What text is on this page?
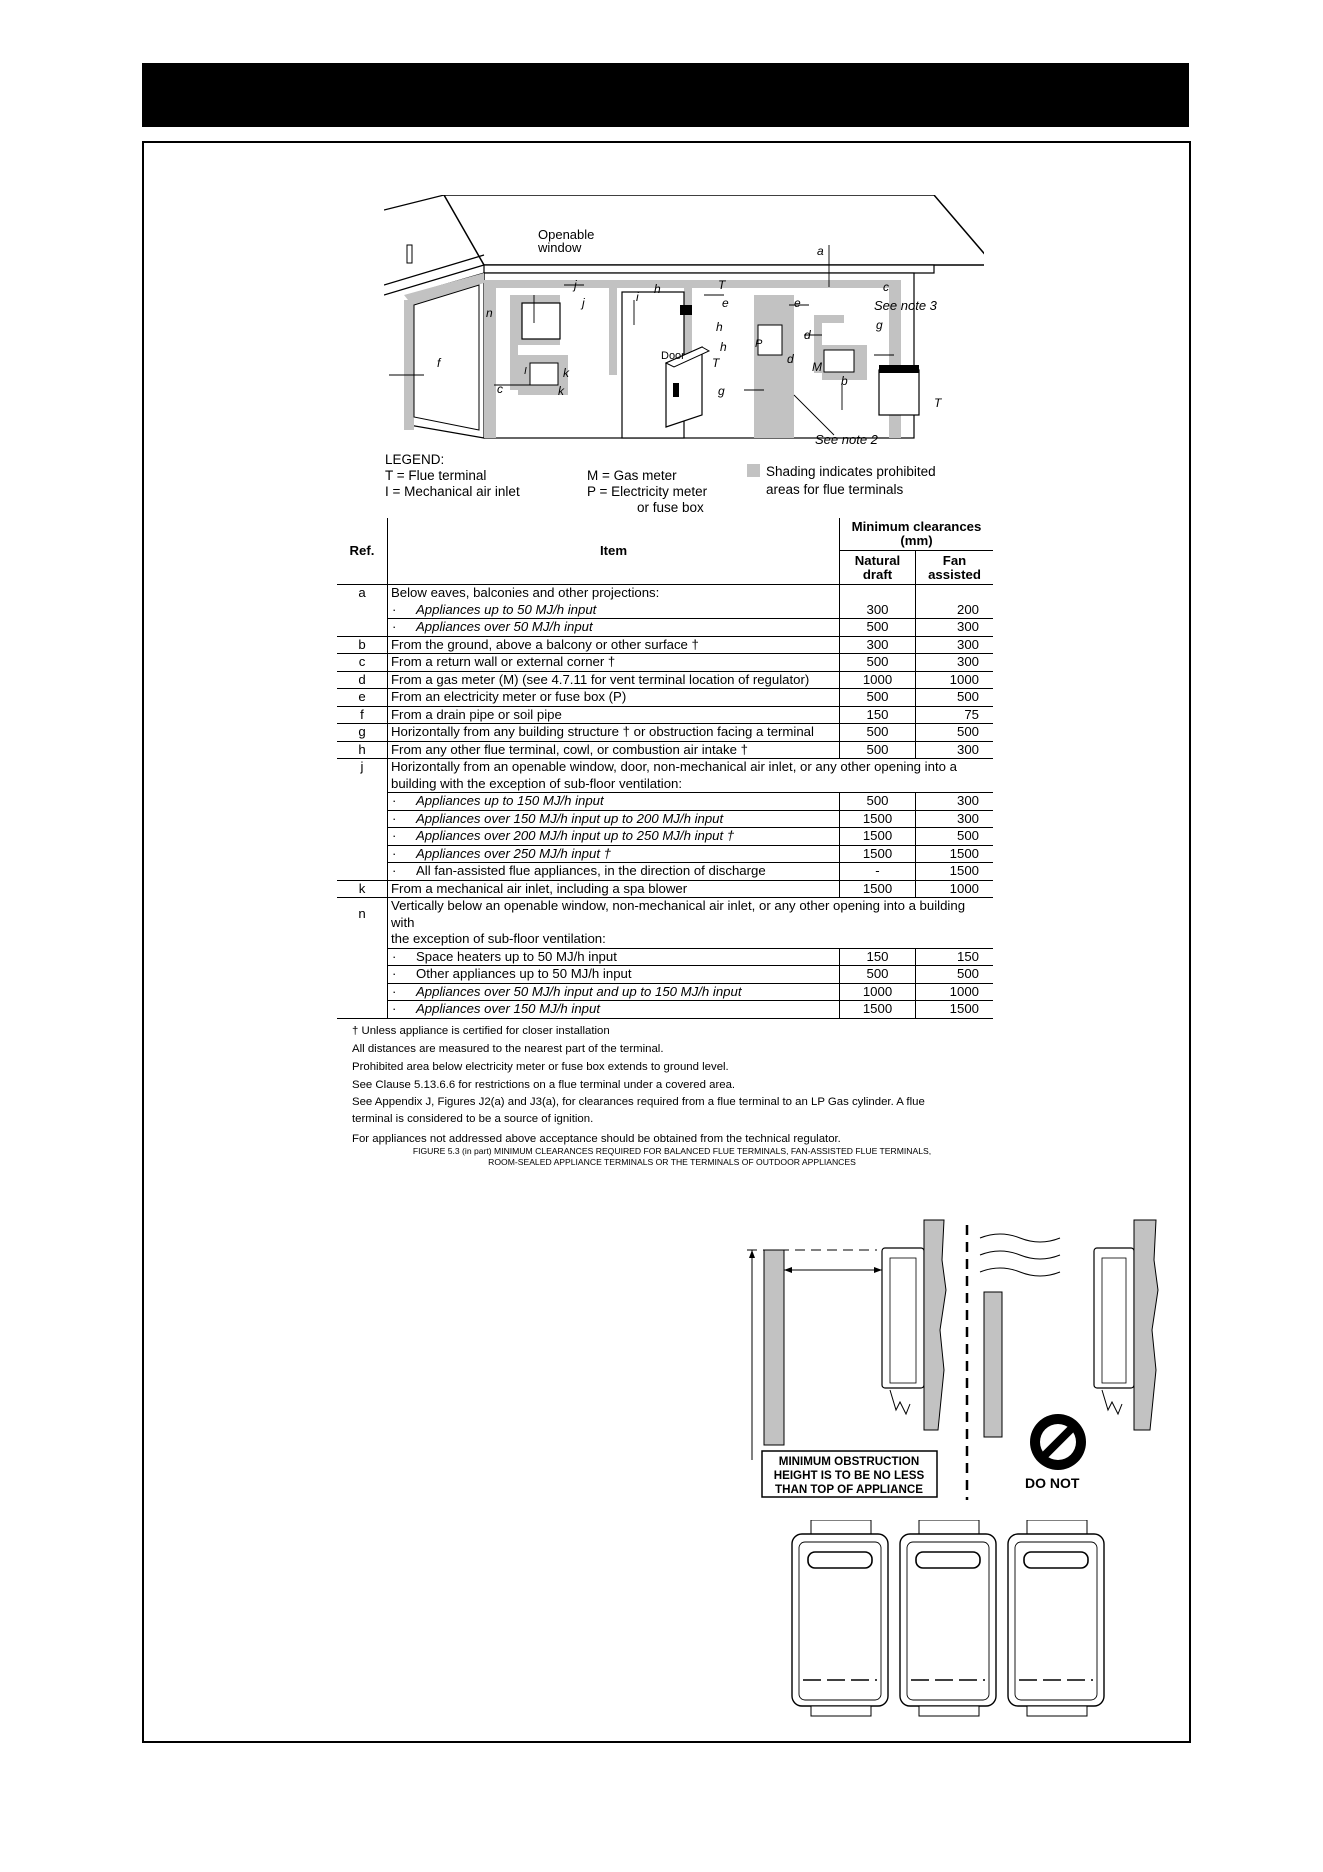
Openable
window
Door
See note 3
See note 2
a
c
j	h	T
e
n
j	i
h
e
g
h
T
P
d
d
M
b
T
k
f
c	k	g
I
LEGEND:
T = Flue terminal
I = Mechanical air inlet
M = Gas meter
P = Electricity meter
or fuse box
Shading indicates prohibited
areas for flue terminals
Ref.	Item	Minimum clearances
(mm)	
		Natural
draft	Fan
assisted
a	Below eaves, balconies and other projections:		
	· Appliances up to 50 MJ/h input	300	200
	· Appliances over 50 MJ/h input	500	300
b	From the ground, above a balcony or other surface †	300	300
c	From a return wall or external corner †	500	300
d	From a gas meter (M) (see 4.7.11 for vent terminal location of regulator)	1000	1000
e	From an electricity meter or fuse box (P)	500	500
f	From a drain pipe or soil pipe	150	75
g	Horizontally from any building structure † or obstruction facing a terminal	500	500
h	From any other flue terminal, cowl, or combustion air intake †	500	300
j	Horizontally from an openable window, door, non-mechanical air inlet, or any other opening into a		
	building with the exception of sub-floor ventilation:		
	· Appliances up to 150 MJ/h input	500	300
	· Appliances over 150 MJ/h input up to 200 MJ/h input	1500	300
	· Appliances over 200 MJ/h input up to 250 MJ/h input †	1500	500
	· Appliances over 250 MJ/h input †	1500	1500
	· All fan-assisted flue appliances, in the direction of discharge	-	1500
k	From a mechanical air inlet, including a spa blower	1500	1000
n	Vertically below an openable window, non-mechanical air inlet, or any other opening into a building with		
	the exception of sub-floor ventilation:		
	· Space heaters up to 50 MJ/h input	150	150
	· Other appliances up to 50 MJ/h input	500	500
	· Appliances over 50 MJ/h input and up to 150 MJ/h input	1000	1000
	· Appliances over 150 MJ/h input	1500	1500

† Unless appliance is certified for closer installation

All distances are measured to the nearest part of the terminal.

Prohibited area below electricity meter or fuse box extends to ground level.

See Clause 5.13.6.6 for restrictions on a flue terminal under a covered area.

See Appendix J, Figures J2(a) and J3(a), for clearances required from a flue terminal to an LP Gas cylinder. A flue

terminal is considered to be a source of ignition.

For appliances not addressed above acceptance should be obtained from the technical regulator.

FIGURE 5.3 (in part) MINIMUM CLEARANCES REQUIRED FOR BALANCED FLUE TERMINALS, FAN-ASSISTED FLUE TERMINALS,
ROOM-SEALED APPLIANCE TERMINALS OR THE TERMINALS OF OUTDOOR APPLIANCES
MINIMUM OBSTRUCTION
HEIGHT IS TO BE NO LESS
THAN TOP OF APPLIANCE	DO NOT
